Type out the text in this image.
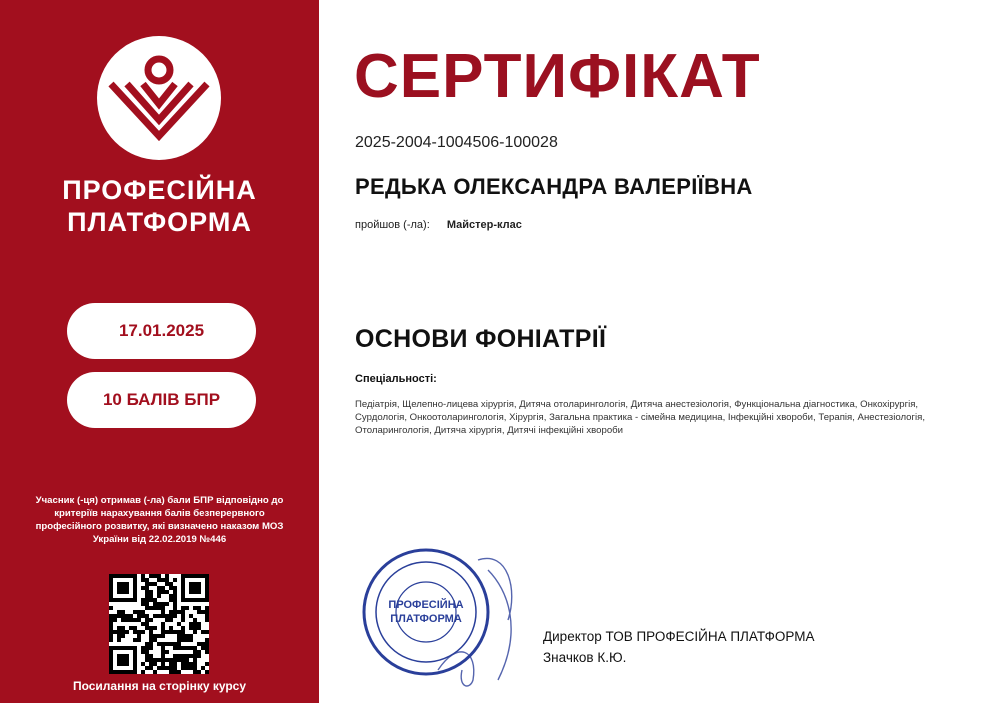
ПРОФЕСІЙНА
ПЛАТФОРМА
17.01.2025
10 БАЛІВ БПР
Учасник (-ця) отримав (-ла) бали БПР відповідно до критеріїв нарахування балів безперервного професійного розвитку, які визначено наказом МОЗ України від 22.02.2019 №446
Посилання на сторінку курсу
СЕРТИФІКАТ
2025-2004-1004506-100028
РЕДЬКА ОЛЕКСАНДРА ВАЛЕРІЇВНА
пройшов (-ла): Майстер-клас
ОСНОВИ ФОНІАТРІЇ
Спеціальності:
Педіатрія, Щелепно-лицева хірургія, Дитяча отоларингологія, Дитяча анестезіологія, Функціональна діагностика, Онкохірургія, Сурдологія, Онкоотоларингологія, Хірургія, Загальна практика - сімейна медицина, Інфекційні хвороби, Терапія, Анестезіологія, Отоларингологія, Дитяча хірургія, Дитячі інфекційні хвороби
ПРОФЕСІЙНА
ПЛАТФОРМА
Директор ТОВ ПРОФЕСІЙНА ПЛАТФОРМА
Значков К.Ю.
